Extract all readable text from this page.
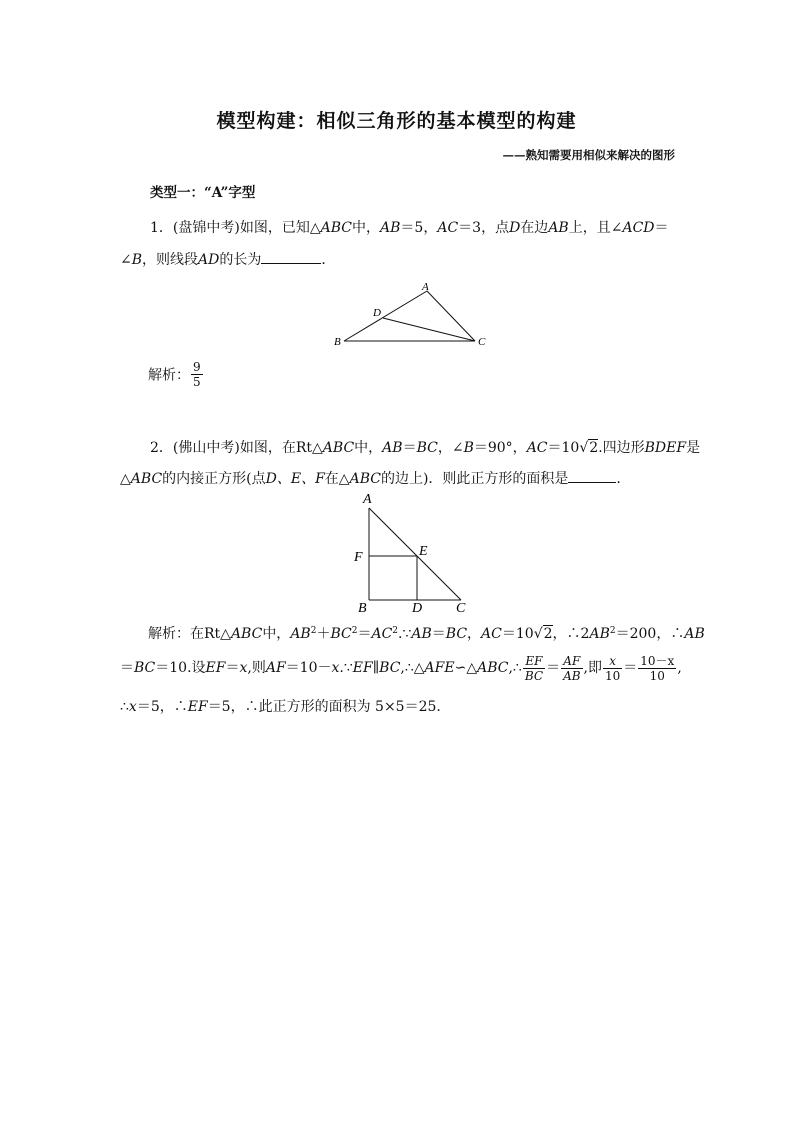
模型构建：相似三角形的基本模型的构建
——熟知需要用相似来解决的图形
类型一：“A”字型
1．(盘锦中考)如图，已知△ABC中，AB＝5，AC＝3，点D在边AB上，且∠ACD＝
∠B，则线段AD的长为	．
A
D
B	C
解析： $\frac{9}{5}$
2．(佛山中考)如图，在Rt△ABC中，AB＝BC，∠B＝90°，AC＝10√2.四边形BDEF是
△ABC的内接正方形(点D、E、F在△ABC的边上)．则此正方形的面积是	.
A
F	E
B	D C
解析：在Rt△ABC中，$AB^2+BC^2=AC^2.\because AB=BC$，AC＝10√2，$\therefore 2AB^2=200$，∴AB
＝BC＝10.设EF＝x,则AF＝10－x.∵EF∥BC,∴△AFE∽△ABC,∴ $\frac{EF}{BC} = \frac{AF}{AB}$ ,即 $\frac{x}{10} = \frac{10-x}{10}$ ,
∴x＝5，∴EF＝5，∴此正方形的面积为 5×5＝25.
